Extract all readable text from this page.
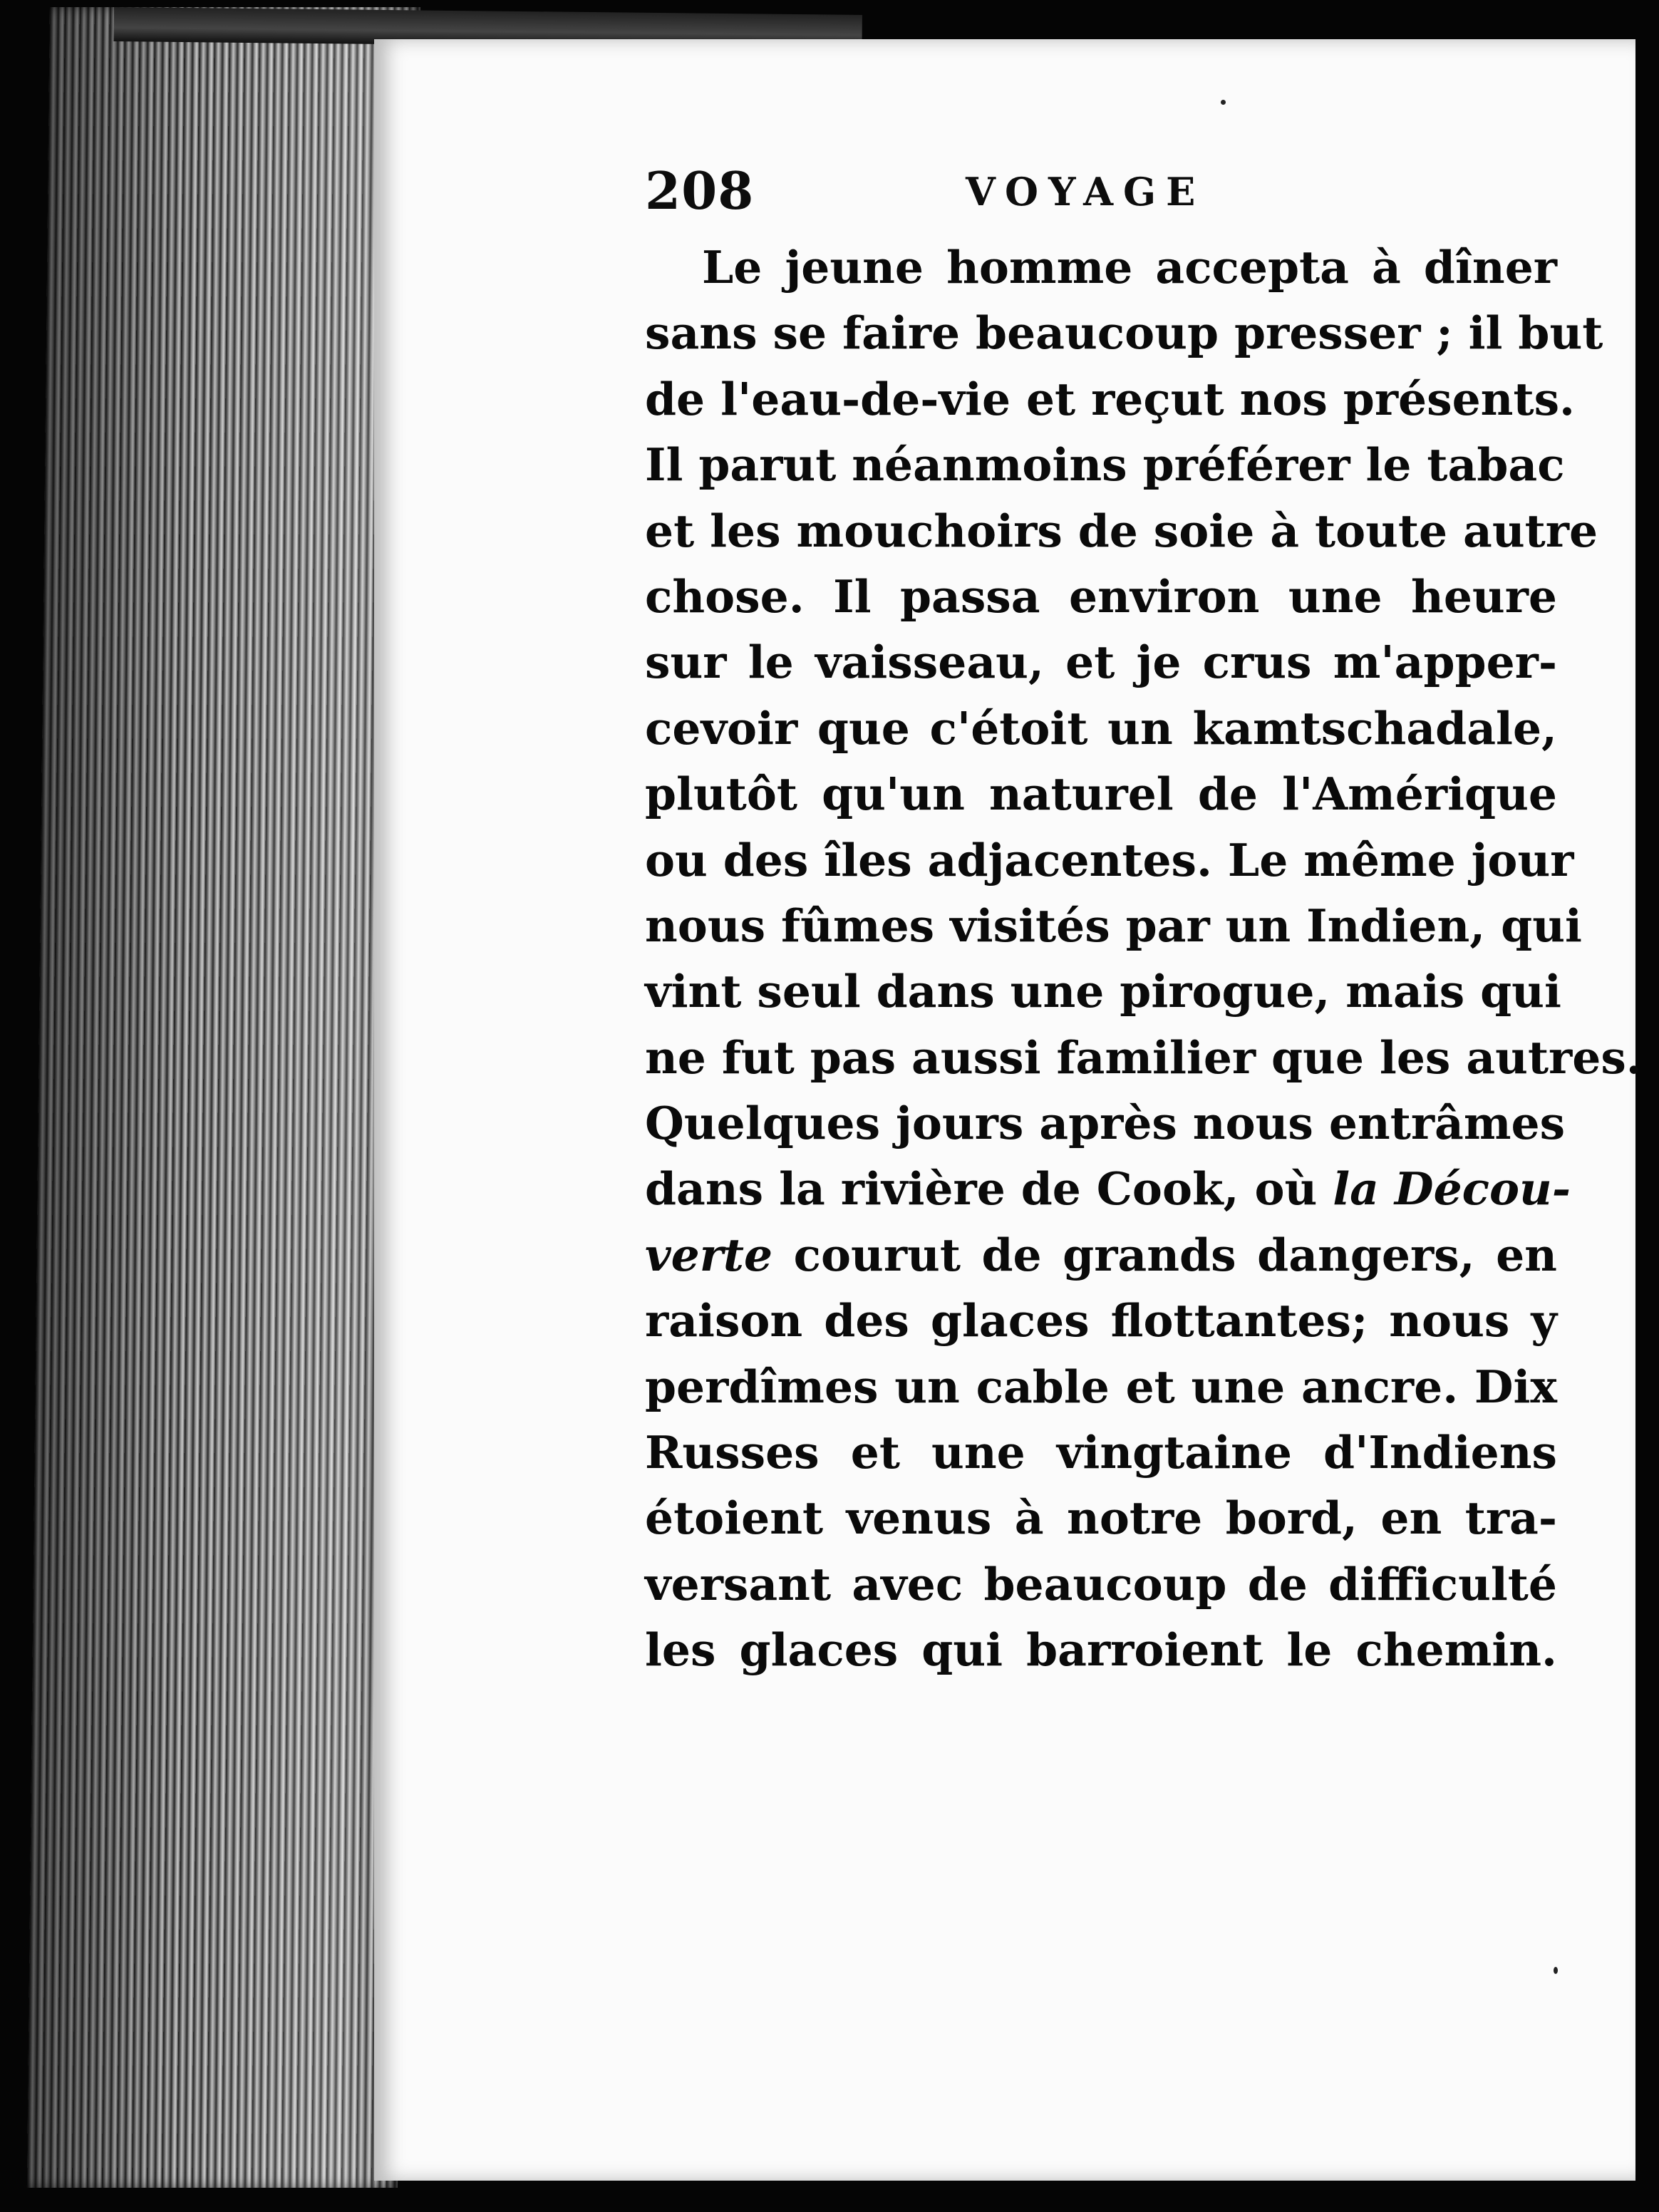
208	VOYAGE
Le jeune homme accepta à dîner
sans se faire beaucoup presser ; il but
de l'eau-de-vie et reçut nos présents.
Il parut néanmoins préférer le tabac
et les mouchoirs de soie à toute autre
chose. Il passa environ une heure
sur le vaisseau, et je crus m'apper-
cevoir que c'étoit un kamtschadale,
plutôt qu'un naturel de l'Amérique
ou des îles adjacentes. Le même jour
nous fûmes visités par un Indien, qui
vint seul dans une pirogue, mais qui
ne fut pas aussi familier que les autres.
Quelques jours après nous entrâmes
dans la rivière de Cook, où la Décou-
verte courut de grands dangers, en
raison des glaces flottantes; nous y
perdîmes un cable et une ancre. Dix
Russes et une vingtaine d'Indiens
étoient venus à notre bord, en tra-
versant avec beaucoup de difficulté
les glaces qui barroient le chemin.
